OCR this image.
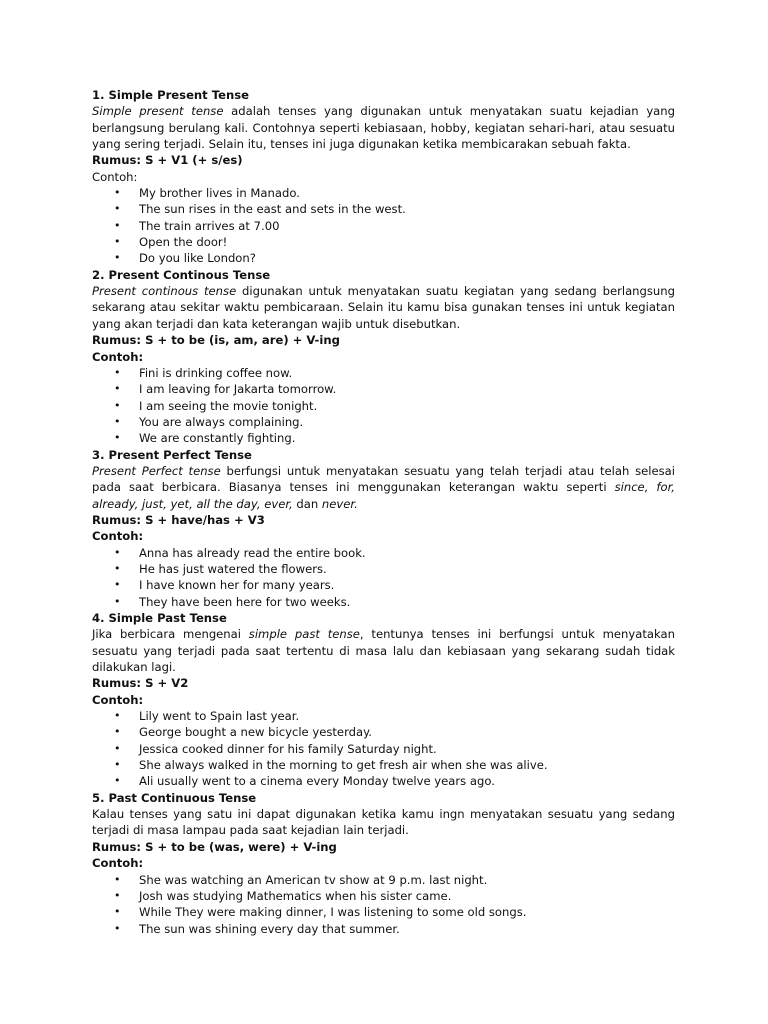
1. Simple Present Tense
Simple present tense adalah tenses yang digunakan untuk menyatakan suatu kejadian yang berlangsung berulang kali. Contohnya seperti kebiasaan, hobby, kegiatan sehari-hari, atau sesuatu yang sering terjadi. Selain itu, tenses ini juga digunakan ketika membicarakan sebuah fakta.
Rumus: S + V1 (+ s/es)
Contoh:
• My brother lives in Manado.
• The sun rises in the east and sets in the west.
• The train arrives at 7.00
• Open the door!
• Do you like London?
2. Present Continous Tense
Present continous tense digunakan untuk menyatakan suatu kegiatan yang sedang berlangsung sekarang atau sekitar waktu pembicaraan. Selain itu kamu bisa gunakan tenses ini untuk kegiatan yang akan terjadi dan kata keterangan wajib untuk disebutkan.
Rumus: S + to be (is, am, are) + V-ing
Contoh:
• Fini is drinking coffee now.
• I am leaving for Jakarta tomorrow.
• I am seeing the movie tonight.
• You are always complaining.
• We are constantly fighting.
3. Present Perfect Tense
Present Perfect tense berfungsi untuk menyatakan sesuatu yang telah terjadi atau telah selesai pada saat berbicara. Biasanya tenses ini menggunakan keterangan waktu seperti since, for, already, just, yet, all the day, ever, dan never.
Rumus: S + have/has + V3
Contoh:
• Anna has already read the entire book.
• He has just watered the flowers.
• I have known her for many years.
• They have been here for two weeks.
4. Simple Past Tense
Jika berbicara mengenai simple past tense, tentunya tenses ini berfungsi untuk menyatakan sesuatu yang terjadi pada saat tertentu di masa lalu dan kebiasaan yang sekarang sudah tidak dilakukan lagi.
Rumus: S + V2
Contoh:
• Lily went to Spain last year.
• George bought a new bicycle yesterday.
• Jessica cooked dinner for his family Saturday night.
• She always walked in the morning to get fresh air when she was alive.
• Ali usually went to a cinema every Monday twelve years ago.
5. Past Continuous Tense
Kalau tenses yang satu ini dapat digunakan ketika kamu ingn menyatakan sesuatu yang sedang terjadi di masa lampau pada saat kejadian lain terjadi.
Rumus: S + to be (was, were) + V-ing
Contoh:
• She was watching an American tv show at 9 p.m. last night.
• Josh was studying Mathematics when his sister came.
• While They were making dinner, I was listening to some old songs.
• The sun was shining every day that summer.
